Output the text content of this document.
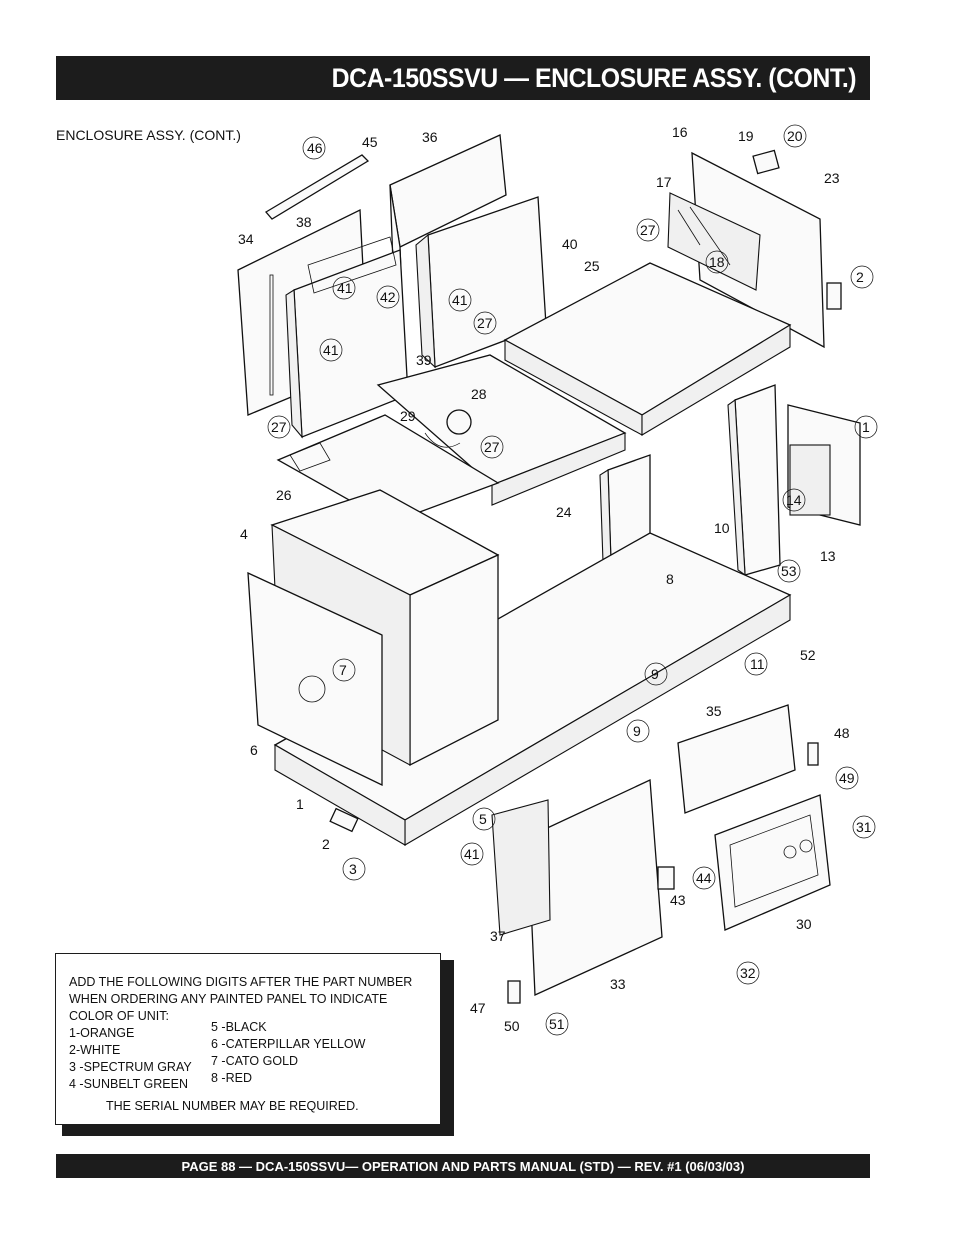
DCA-150SSVU — ENCLOSURE ASSY. (CONT.)
ENCLOSURE ASSY. (CONT.)
46	45	36	16	19 20
23
2
34
38
40
27
17
18
41
42	41
25
41
27
39
28
29
27
27
14
13
10
26
24
4
8	53
7	9
11
52
6
9
35
48
49
1
5	31
2
41
44
3
43
30
37
33
32
47
50 51
1
ADD THE FOLLOWING DIGITS AFTER THE PART NUMBER
WHEN ORDERING ANY PAINTED PANEL TO INDICATE
COLOR OF UNIT:
1-ORANGE
2-WHITE
3 -SPECTRUM GRAY
4 -SUNBELT GREEN
5 -BLACK
6 -CATERPILLAR YELLOW
7 -CATO GOLD
8 -RED
THE SERIAL NUMBER MAY BE REQUIRED.
PAGE 88 — DCA-150SSVU— OPERATION AND PARTS MANUAL (STD) — REV. #1 (06/03/03)
